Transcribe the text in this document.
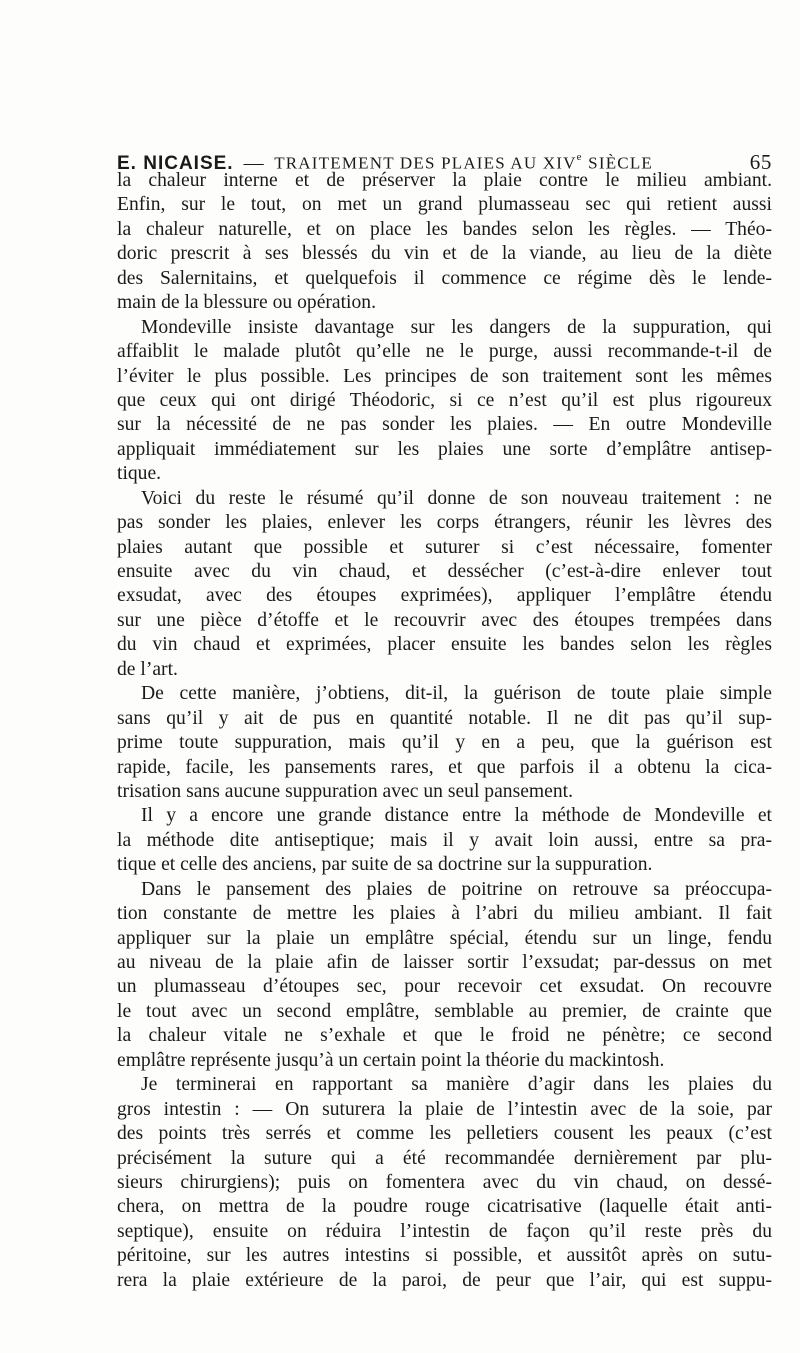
E. NICAISE. — TRAITEMENT DES PLAIES AU XIVe SIÈCLE	65
la chaleur interne et de préserver la plaie contre le milieu ambiant.
Enfin, sur le tout, on met un grand plumasseau sec qui retient aussi
la chaleur naturelle, et on place les bandes selon les règles. — Théo-
doric prescrit à ses blessés du vin et de la viande, au lieu de la diète
des Salernitains, et quelquefois il commence ce régime dès le lende-
main de la blessure ou opération.
Mondeville insiste davantage sur les dangers de la suppuration, qui
affaiblit le malade plutôt qu’elle ne le purge, aussi recommande-t-il de
l’éviter le plus possible. Les principes de son traitement sont les mêmes
que ceux qui ont dirigé Théodoric, si ce n’est qu’il est plus rigoureux
sur la nécessité de ne pas sonder les plaies. — En outre Mondeville
appliquait immédiatement sur les plaies une sorte d’emplâtre antisep-
tique.
Voici du reste le résumé qu’il donne de son nouveau traitement : ne
pas sonder les plaies, enlever les corps étrangers, réunir les lèvres des
plaies autant que possible et suturer si c’est nécessaire, fomenter
ensuite avec du vin chaud, et dessécher (c’est-à-dire enlever tout
exsudat, avec des étoupes exprimées), appliquer l’emplâtre étendu
sur une pièce d’étoffe et le recouvrir avec des étoupes trempées dans
du vin chaud et exprimées, placer ensuite les bandes selon les règles
de l’art.
De cette manière, j’obtiens, dit-il, la guérison de toute plaie simple
sans qu’il y ait de pus en quantité notable. Il ne dit pas qu’il sup-
prime toute suppuration, mais qu’il y en a peu, que la guérison est
rapide, facile, les pansements rares, et que parfois il a obtenu la cica-
trisation sans aucune suppuration avec un seul pansement.
Il y a encore une grande distance entre la méthode de Mondeville et
la méthode dite antiseptique; mais il y avait loin aussi, entre sa pra-
tique et celle des anciens, par suite de sa doctrine sur la suppuration.
Dans le pansement des plaies de poitrine on retrouve sa préoccupa-
tion constante de mettre les plaies à l’abri du milieu ambiant. Il fait
appliquer sur la plaie un emplâtre spécial, étendu sur un linge, fendu
au niveau de la plaie afin de laisser sortir l’exsudat; par-dessus on met
un plumasseau d’étoupes sec, pour recevoir cet exsudat. On recouvre
le tout avec un second emplâtre, semblable au premier, de crainte que
la chaleur vitale ne s’exhale et que le froid ne pénètre; ce second
emplâtre représente jusqu’à un certain point la théorie du mackintosh.
Je terminerai en rapportant sa manière d’agir dans les plaies du
gros intestin : — On suturera la plaie de l’intestin avec de la soie, par
des points très serrés et comme les pelletiers cousent les peaux (c’est
précisément la suture qui a été recommandée dernièrement par plu-
sieurs chirurgiens); puis on fomentera avec du vin chaud, on dessé-
chera, on mettra de la poudre rouge cicatrisative (laquelle était anti-
septique), ensuite on réduira l’intestin de façon qu’il reste près du
péritoine, sur les autres intestins si possible, et aussitôt après on sutu-
rera la plaie extérieure de la paroi, de peur que l’air, qui est suppu-
